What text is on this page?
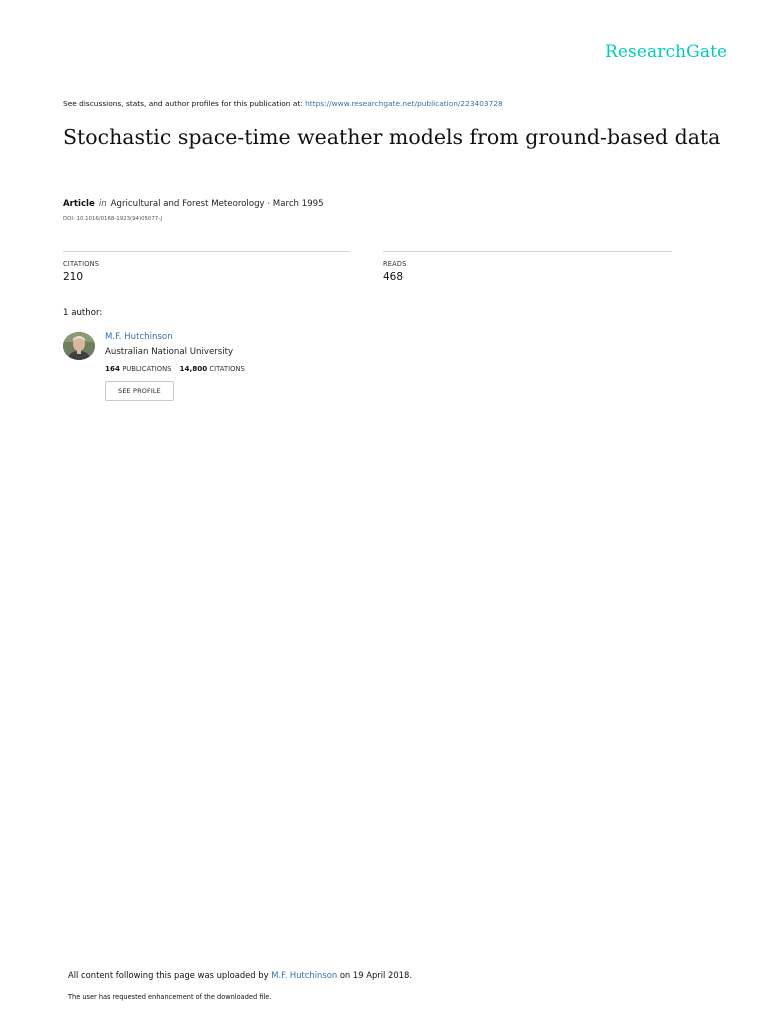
ResearchGate
See discussions, stats, and author profiles for this publication at: https://www.researchgate.net/publication/223403728
Stochastic space-time weather models from ground-based data
Article in Agricultural and Forest Meteorology · March 1995
DOI: 10.1016/0168-1923(94)05077-J
CITATIONS
210
READS
468
1 author:
M.F. Hutchinson
Australian National University
164 PUBLICATIONS 14,800 CITATIONS
SEE PROFILE
All content following this page was uploaded by M.F. Hutchinson on 19 April 2018.
The user has requested enhancement of the downloaded file.
